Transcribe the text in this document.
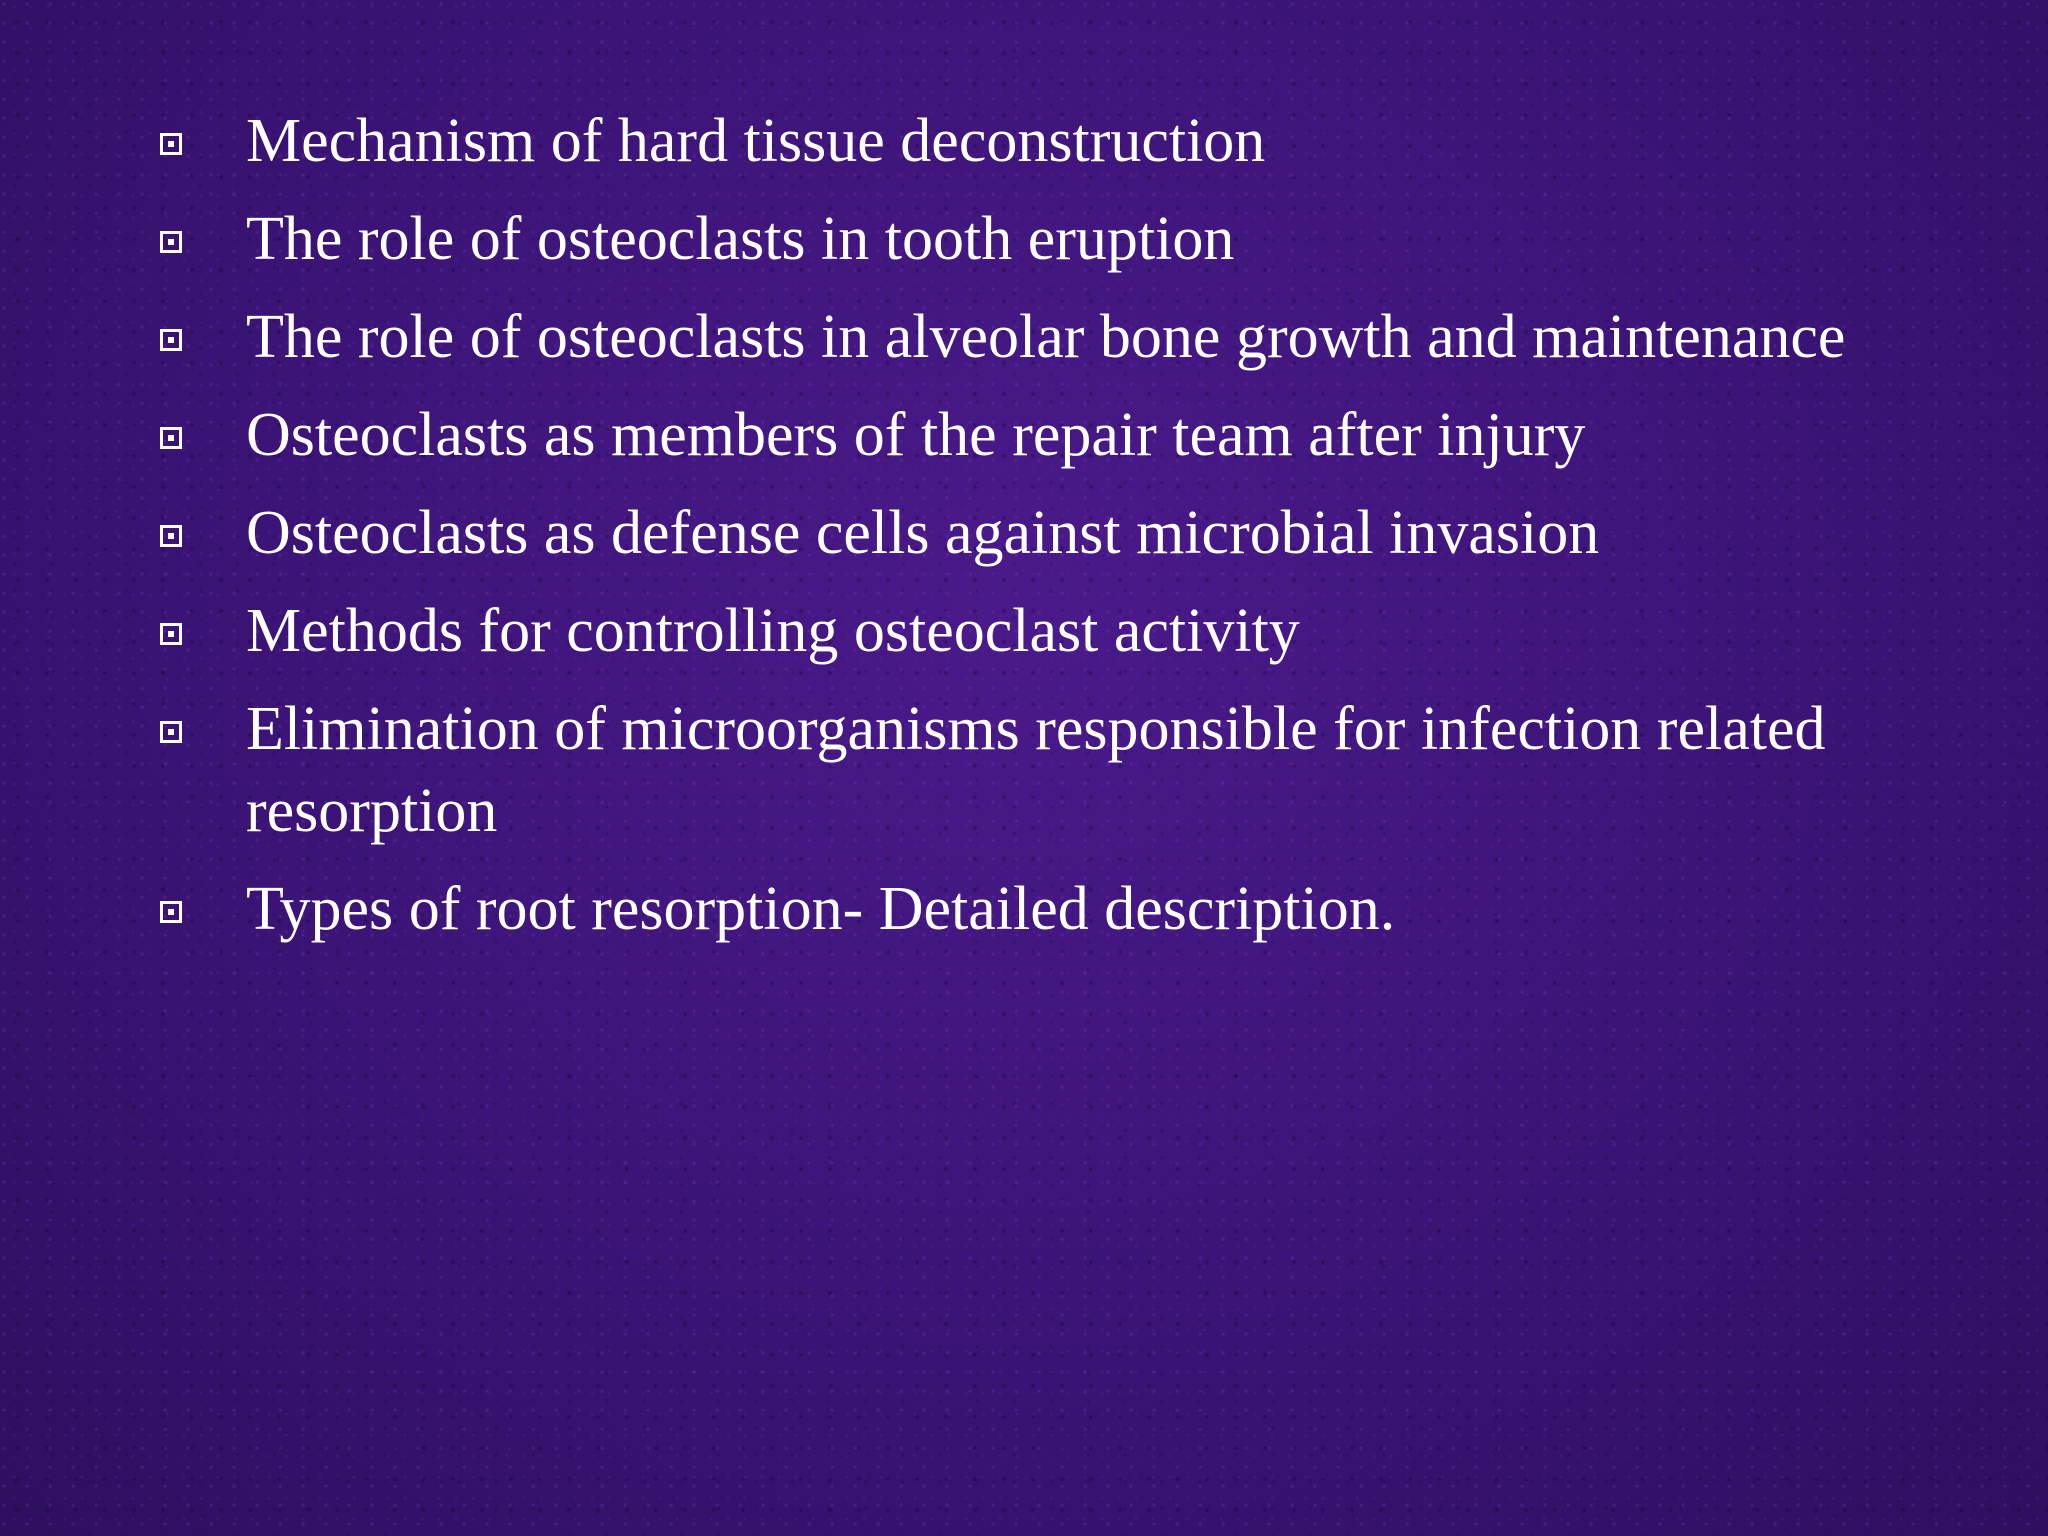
Mechanism of hard tissue deconstruction
The role of osteoclasts in tooth eruption
The role of osteoclasts in alveolar bone growth and maintenance
Osteoclasts as members of the repair team after injury
Osteoclasts as defense cells against microbial invasion
Methods for controlling osteoclast activity
Elimination of microorganisms responsible for infection related resorption
Types of root resorption- Detailed description.
